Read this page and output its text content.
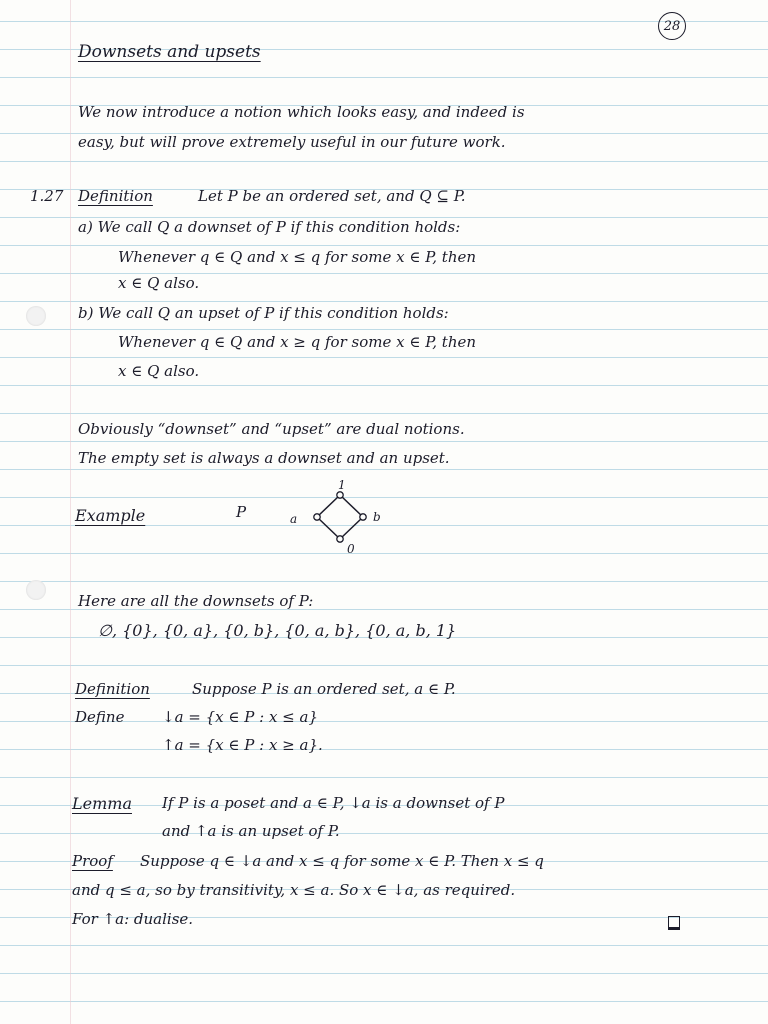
28
Downsets and upsets
We now introduce a notion which looks easy, and indeed is
easy, but will prove extremely useful in our future work.
1.27 Definition	Let P be an ordered set, and Q ⊆ P.
a) We call Q a downset of P if this condition holds:
Whenever q ∈ Q and x ≤ q for some x ∈ P, then
x ∈ Q also.
b) We call Q an upset of P if this condition holds:
Whenever q ∈ Q and x ≥ q for some x ∈ P, then
x ∈ Q also.
Obviously “downset” and “upset” are dual notions.
The empty set is always a downset and an upset.
Example	P
1
a	b
0
Here are all the downsets of P:
∅, {0}, {0, a}, {0, b}, {0, a, b}, {0, a, b, 1}
Definition	Suppose P is an ordered set, a ∈ P.
Define	↓a = {x ∈ P : x ≤ a}
↑a = {x ∈ P : x ≥ a}.
Lemma If P is a poset and a ∈ P, ↓a is a downset of P
and ↑a is an upset of P.
Proof Suppose q ∈ ↓a and x ≤ q for some x ∈ P. Then x ≤ q
and q ≤ a, so by transitivity, x ≤ a. So x ∈ ↓a, as required.
For ↑a: dualise.
